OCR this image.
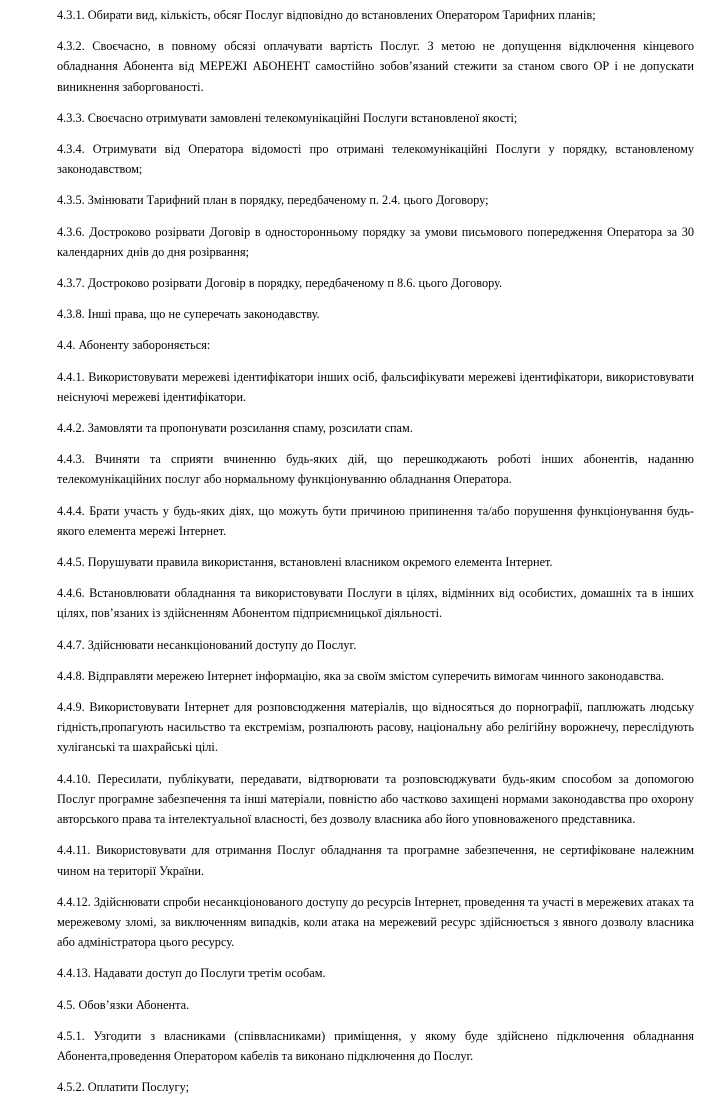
4.3.1. Обирати вид, кількість, обсяг Послуг відповідно до встановлених Оператором Тарифних планів;

4.3.2. Своєчасно, в повному обсязі оплачувати вартість Послуг. З метою не допущення відключення кінцевого обладнання Абонента від МЕРЕЖІ АБОНЕНТ самостійно зобов’язаний стежити за станом свого ОР і не допускати виникнення заборгованості.

4.3.3. Своєчасно отримувати замовлені телекомунікаційні Послуги встановленої якості;

4.3.4. Отримувати від Оператора відомості про отримані телекомунікаційні Послуги у порядку, встановленому законодавством;

4.3.5. Змінювати Тарифний план в порядку, передбаченому п. 2.4. цього Договору;

4.3.6. Достроково розірвати Договір в односторонньому порядку за умови письмового попередження Оператора за 30 календарних днів до дня розірвання;

4.3.7. Достроково розірвати Договір в порядку, передбаченому п 8.6. цього Договору.

4.3.8. Інші права, що не суперечать законодавству.

4.4. Абоненту забороняється:

4.4.1. Використовувати мережеві ідентифікатори інших осіб, фальсифікувати мережеві ідентифікатори, використовувати неіснуючі мережеві ідентифікатори.

4.4.2. Замовляти та пропонувати розсилання спаму, розсилати спам.

4.4.3. Вчиняти та сприяти вчиненню будь-яких дій, що перешкоджають роботі інших абонентів, наданню телекомунікаційних послуг або нормальному функціонуванню обладнання Оператора.

4.4.4. Брати участь у будь-яких діях, що можуть бути причиною припинення та/або порушення функціонування будь-якого елемента мережі Інтернет.

4.4.5. Порушувати правила використання, встановлені власником окремого елемента Інтернет.

4.4.6. Встановлювати обладнання та використовувати Послуги в цілях, відмінних від особистих, домашніх та в інших цілях, пов’язаних із здійсненням Абонентом підприємницької діяльності.

4.4.7. Здійснювати несанкціонований доступу до Послуг.

4.4.8. Відправляти мережею Інтернет інформацію, яка за своїм змістом суперечить вимогам чинного законодавства.

4.4.9. Використовувати Інтернет для розповсюдження матеріалів, що відносяться до порнографії, паплюжать людську гідність,пропагують насильство та екстремізм, розпалюють расову, національну або релігійну ворожнечу, переслідують хуліганські та шахрайські цілі.

4.4.10. Пересилати, публікувати, передавати, відтворювати та розповсюджувати будь-яким способом за допомогою Послуг програмне забезпечення та інші матеріали, повністю або частково захищені нормами законодавства про охорону авторського права та інтелектуальної власності, без дозволу власника або його уповноваженого представника.

4.4.11. Використовувати для отримання Послуг обладнання та програмне забезпечення, не сертифіковане належним чином на території України.

4.4.12. Здійснювати спроби несанкціонованого доступу до ресурсів Інтернет, проведення та участі в мережевих атаках та мережевому зломі, за виключенням випадків, коли атака на мережевий ресурс здійснюється з явного дозволу власника або адміністратора цього ресурсу.

4.4.13. Надавати доступ до Послуги третім особам.

4.5. Обов’язки Абонента.

4.5.1. Узгодити з власниками (співвласниками) приміщення, у якому буде здійснено підключення обладнання Абонента,проведення Оператором кабелів та виконано підключення до Послуг.

4.5.2. Оплатити Послугу;
